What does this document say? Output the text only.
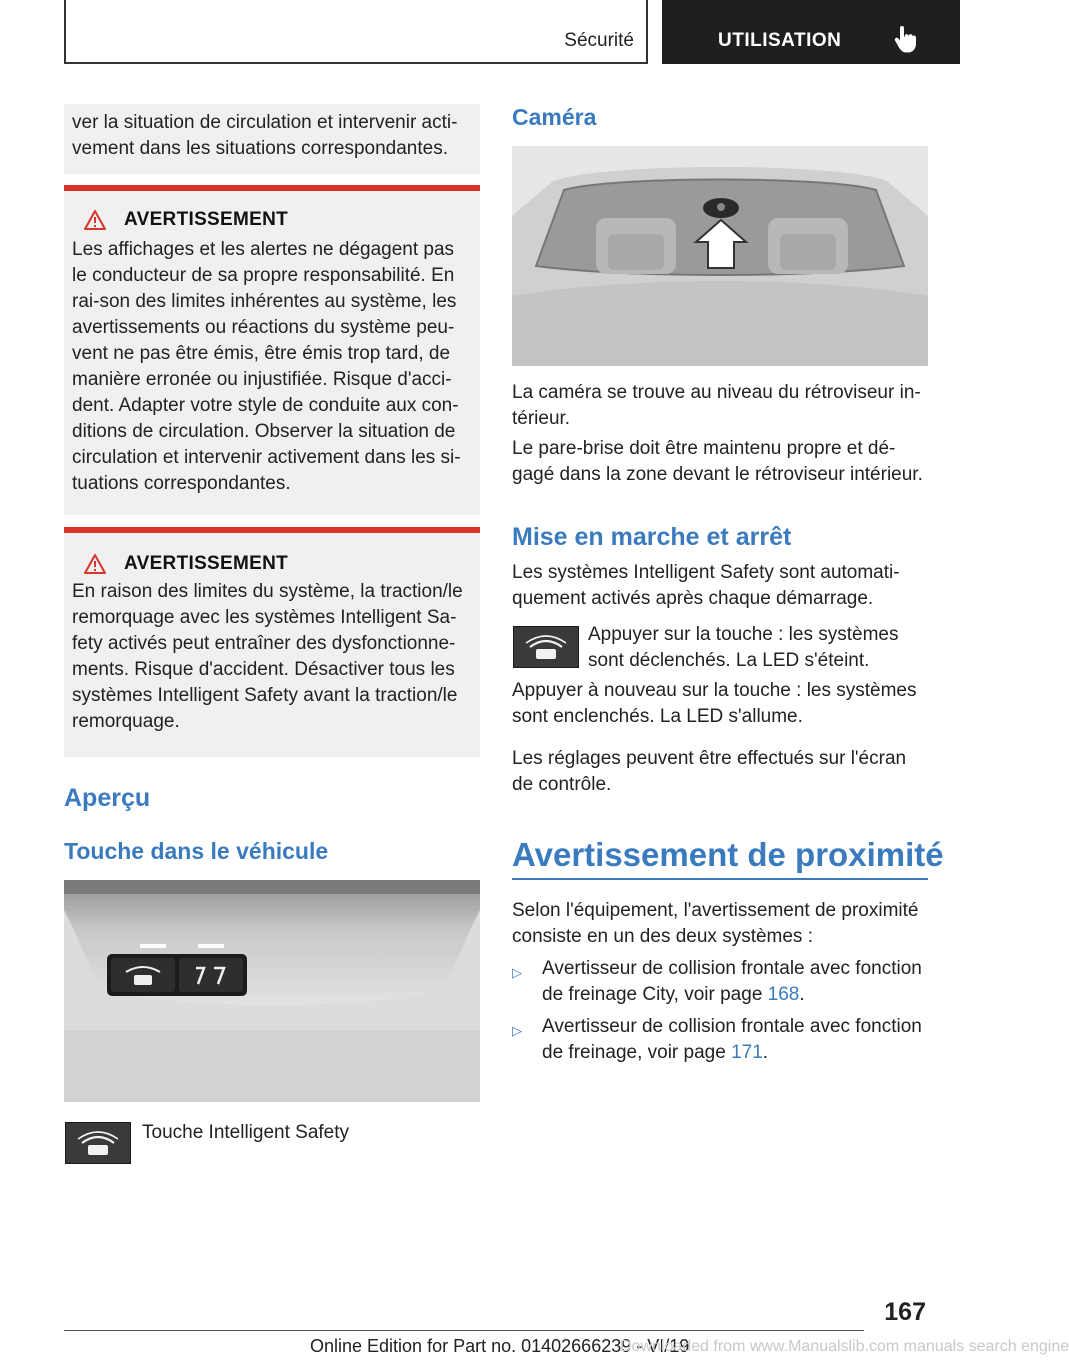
Sécurité	UTILISATION

ver la situation de circulation et intervenir acti-vement dans les situations correspondantes.

AVERTISSEMENT

Les affichages et les alertes ne dégagent pas le conducteur de sa propre responsabilité. En rai-son des limites inhérentes au système, les avertissements ou réactions du système peu-vent ne pas être émis, être émis trop tard, de manière erronée ou injustifiée. Risque d'acci-dent. Adapter votre style de conduite aux con-ditions de circulation. Observer la situation de circulation et intervenir activement dans les si-tuations correspondantes.

AVERTISSEMENT

En raison des limites du système, la traction/le remorquage avec les systèmes Intelligent Sa-fety activés peut entraîner des dysfonctionne-ments. Risque d'accident. Désactiver tous les systèmes Intelligent Safety avant la traction/le remorquage.

Aperçu
Touche dans le véhicule
Touche Intelligent Safety
Caméra

La caméra se trouve au niveau du rétroviseur in-térieur.

Le pare-brise doit être maintenu propre et dé-gagé dans la zone devant le rétroviseur intérieur.

Mise en marche et arrêt

Les systèmes Intelligent Safety sont automati-quement activés après chaque démarrage.

Appuyer sur la touche : les systèmes sont déclenchés. La LED s'éteint.

Appuyer à nouveau sur la touche : les systèmes sont enclenchés. La LED s'allume.

Les réglages peuvent être effectués sur l'écran de contrôle.

Avertissement de proximité

Selon l'équipement, l'avertissement de proximité consiste en un des deux systèmes :

▷ Avertisseur de collision frontale avec fonction de freinage City, voir page 168.
▷ Avertisseur de collision frontale avec fonction de freinage, voir page 171.
167
Online Edition for Part no. 01402666239 - VI/19
Downloaded from www.Manualslib.com manuals search engine
